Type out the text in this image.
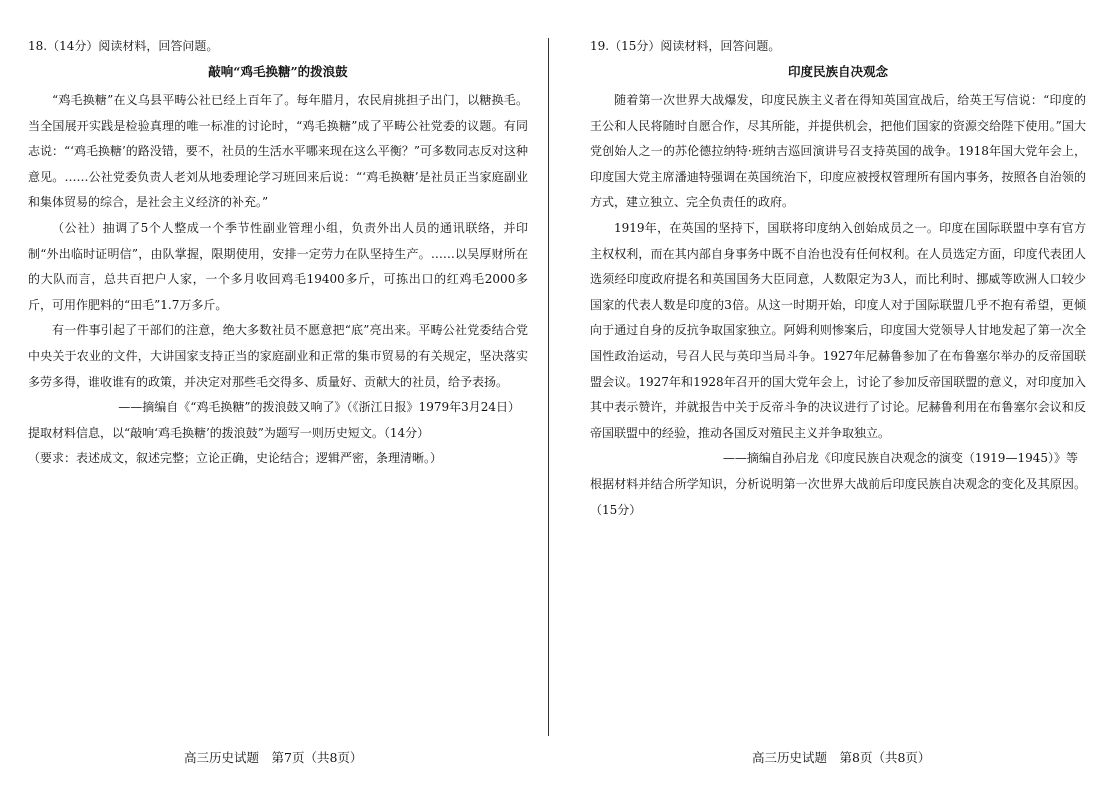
18.（14分）阅读材料，回答问题。
敲响“鸡毛换糖”的拨浪鼓

“鸡毛换糖”在义乌县平畴公社已经上百年了。每年腊月，农民肩挑担子出门，以糖换毛。当全国展开实践是检验真理的唯一标准的讨论时，“鸡毛换糖”成了平畴公社党委的议题。有同志说：“‘鸡毛换糖’的路没错，要不，社员的生活水平哪来现在这么平衡？”可多数同志反对这种意见。……公社党委负责人老刘从地委理论学习班回来后说：“‘鸡毛换糖’是社员正当家庭副业和集体贸易的综合，是社会主义经济的补充。”

（公社）抽调了5个人整成一个季节性副业管理小组，负责外出人员的通讯联络，并印制“外出临时证明信”，由队掌握，限期使用，安排一定劳力在队坚持生产。……以吴厚财所在的大队而言，总共百把户人家，一个多月收回鸡毛19400多斤，可拣出口的红鸡毛2000多斤，可用作肥料的“田毛”1.7万多斤。

有一件事引起了干部们的注意，绝大多数社员不愿意把“底”亮出来。平畴公社党委结合党中央关于农业的文件，大讲国家支持正当的家庭副业和正常的集市贸易的有关规定，坚决落实多劳多得，谁收谁有的政策，并决定对那些毛交得多、质量好、贡献大的社员，给予表扬。

——摘编自《“鸡毛换糖”的拨浪鼓又响了》（《浙江日报》1979年3月24日）

提取材料信息，以“敲响‘鸡毛换糖’的拨浪鼓”为题写一则历史短文。（14分）

（要求：表述成文，叙述完整；立论正确，史论结合；逻辑严密，条理清晰。）

高三历史试题　第7页（共8页）
19.（15分）阅读材料，回答问题。
印度民族自决观念

随着第一次世界大战爆发，印度民族主义者在得知英国宣战后，给英王写信说：“印度的王公和人民将随时自愿合作，尽其所能，并提供机会，把他们国家的资源交给陛下使用。”国大党创始人之一的苏伦德拉纳特·班纳吉巡回演讲号召支持英国的战争。1918年国大党年会上，印度国大党主席潘迪特强调在英国统治下，印度应被授权管理所有国内事务，按照各自治领的方式，建立独立、完全负责任的政府。

1919年，在英国的坚持下，国联将印度纳入创始成员之一。印度在国际联盟中享有官方主权权利，而在其内部自身事务中既不自治也没有任何权利。在人员选定方面，印度代表团人选须经印度政府提名和英国国务大臣同意，人数限定为3人，而比利时、挪威等欧洲人口较少国家的代表人数是印度的3倍。从这一时期开始，印度人对于国际联盟几乎不抱有希望，更倾向于通过自身的反抗争取国家独立。阿姆利则惨案后，印度国大党领导人甘地发起了第一次全国性政治运动，号召人民与英印当局斗争。1927年尼赫鲁参加了在布鲁塞尔举办的反帝国联盟会议。1927年和1928年召开的国大党年会上，讨论了参加反帝国联盟的意义，对印度加入其中表示赞许，并就报告中关于反帝斗争的决议进行了讨论。尼赫鲁利用在布鲁塞尔会议和反帝国联盟中的经验，推动各国反对殖民主义并争取独立。

——摘编自孙启龙《印度民族自决观念的演变（1919—1945）》等

根据材料并结合所学知识，分析说明第一次世界大战前后印度民族自决观念的变化及其原因。（15分）

高三历史试题　第8页（共8页）
